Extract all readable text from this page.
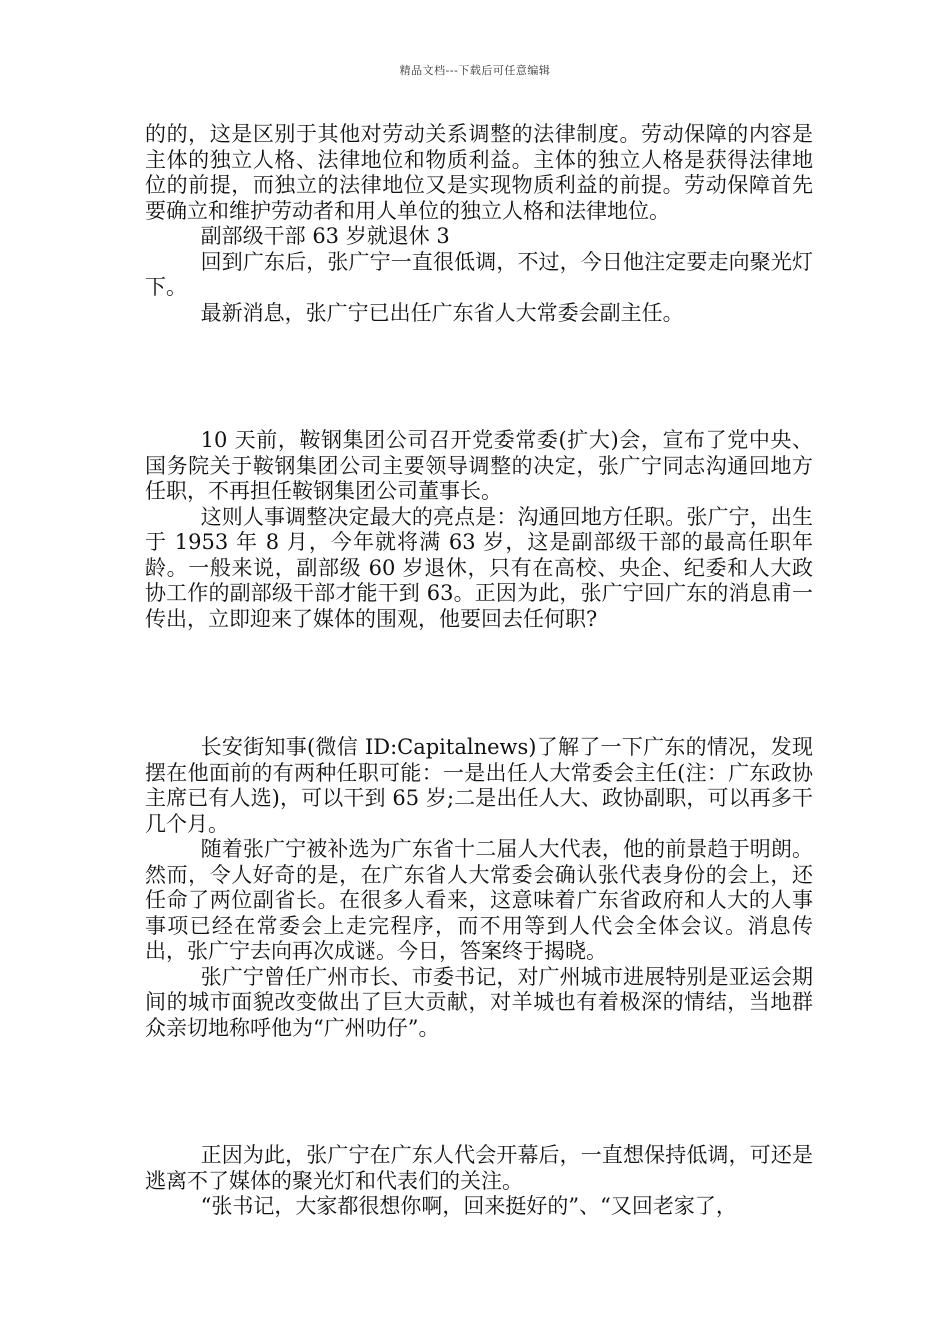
精品文档---下载后可任意编辑

的的，这是区别于其他对劳动关系调整的法律制度。劳动保障的内容是主体的独立人格、法律地位和物质利益。主体的独立人格是获得法律地位的前提，而独立的法律地位又是实现物质利益的前提。劳动保障首先要确立和维护劳动者和用人单位的独立人格和法律地位。

副部级干部 63 岁就退休 3

回到广东后，张广宁一直很低调，不过，今日他注定要走向聚光灯下。

最新消息，张广宁已出任广东省人大常委会副主任。

10 天前，鞍钢集团公司召开党委常委(扩大)会，宣布了党中央、国务院关于鞍钢集团公司主要领导调整的决定，张广宁同志沟通回地方任职，不再担任鞍钢集团公司董事长。

这则人事调整决定最大的亮点是：沟通回地方任职。张广宁，出生于 1953 年 8 月，今年就将满 63 岁，这是副部级干部的最高任职年龄。一般来说，副部级 60 岁退休，只有在高校、央企、纪委和人大政协工作的副部级干部才能干到 63。正因为此，张广宁回广东的消息甫一传出，立即迎来了媒体的围观，他要回去任何职?

长安街知事(微信 ID:Capitalnews)了解了一下广东的情况，发现摆在他面前的有两种任职可能：一是出任人大常委会主任(注：广东政协主席已有人选)，可以干到 65 岁;二是出任人大、政协副职，可以再多干几个月。

随着张广宁被补选为广东省十二届人大代表，他的前景趋于明朗。然而，令人好奇的是，在广东省人大常委会确认张代表身份的会上，还任命了两位副省长。在很多人看来，这意味着广东省政府和人大的人事事项已经在常委会上走完程序，而不用等到人代会全体会议。消息传出，张广宁去向再次成谜。今日，答案终于揭晓。

张广宁曾任广州市长、市委书记，对广州城市进展特别是亚运会期间的城市面貌改变做出了巨大贡献，对羊城也有着极深的情结，当地群众亲切地称呼他为“广州叻仔”。

正因为此，张广宁在广东人代会开幕后，一直想保持低调，可还是逃离不了媒体的聚光灯和代表们的关注。

“张书记，大家都很想你啊，回来挺好的”、“又回老家了，
